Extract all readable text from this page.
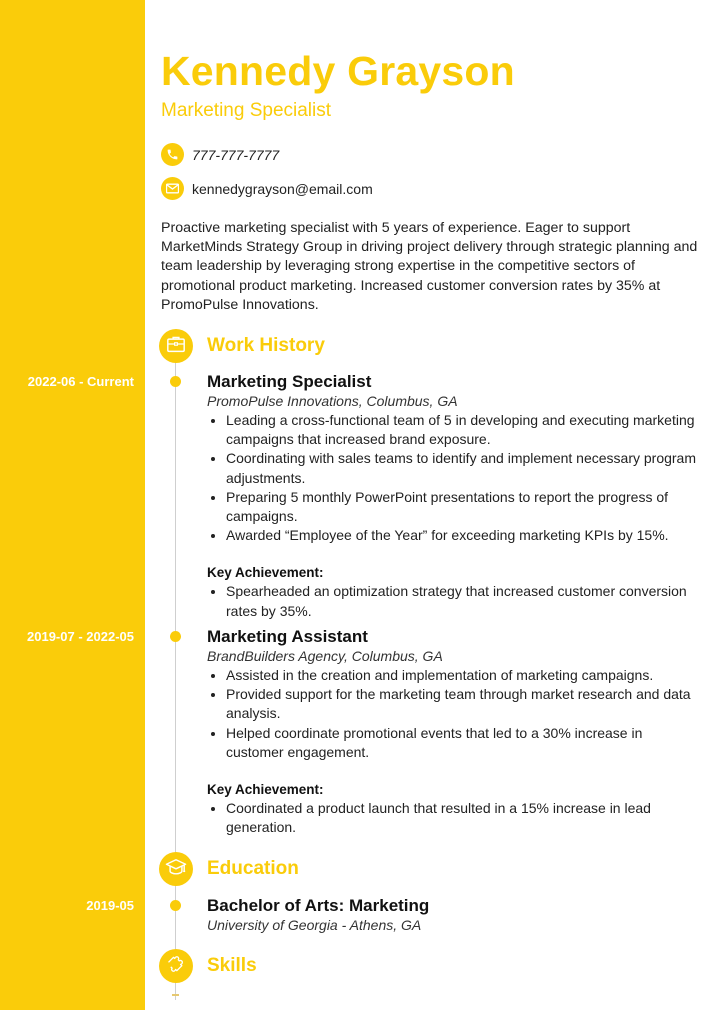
Kennedy Grayson
Marketing Specialist
777-777-7777
kennedygrayson@email.com

Proactive marketing specialist with 5 years of experience. Eager to support MarketMinds Strategy Group in driving project delivery through strategic planning and team leadership by leveraging strong expertise in the competitive sectors of promotional product marketing. Increased customer conversion rates by 35% at PromoPulse Innovations.

Work History
2022-06 - Current	Marketing Specialist
PromoPulse Innovations, Columbus, GA
Leading a cross-functional team of 5 in developing and executing marketing campaigns that increased brand exposure.
Coordinating with sales teams to identify and implement necessary program adjustments.
Preparing 5 monthly PowerPoint presentations to report the progress of campaigns.
Awarded “Employee of the Year” for exceeding marketing KPIs by 15%.
Key Achievement:
Spearheaded an optimization strategy that increased customer conversion rates by 35%.
2019-07 - 2022-05	Marketing Assistant
BrandBuilders Agency, Columbus, GA
Assisted in the creation and implementation of marketing campaigns.
Provided support for the marketing team through market research and data analysis.
Helped coordinate promotional events that led to a 30% increase in customer engagement.
Key Achievement:
Coordinated a product launch that resulted in a 15% increase in lead generation.
Education
2019-05	Bachelor of Arts: Marketing
University of Georgia - Athens, GA
Skills
